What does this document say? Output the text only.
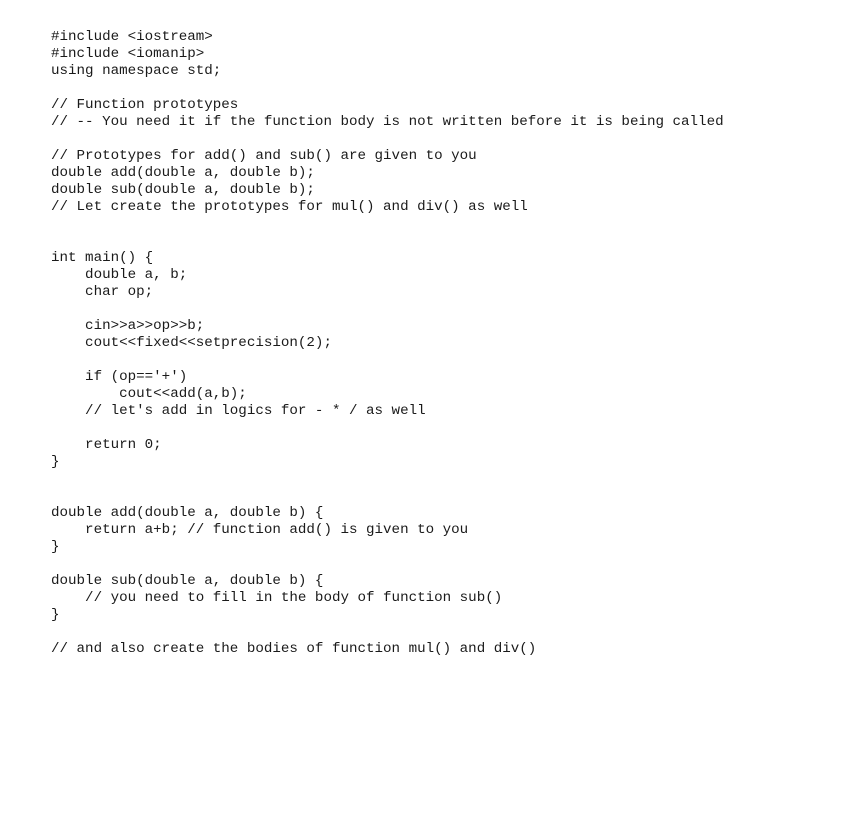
#include <iostream>
#include <iomanip>
using namespace std;
// Function prototypes
// -- You need it if the function body is not written before it is being called
// Prototypes for add() and sub() are given to you
double add(double a, double b);
double sub(double a, double b);
// Let create the prototypes for mul() and div() as well
int main() {
double a, b;
char op;
cin>>a>>op>>b;
cout<<fixed<<setprecision(2);
if (op=='+')
cout<<add(a,b);
// let's add in logics for - * / as well
return 0;
}
double add(double a, double b) {
return a+b; // function add() is given to you
}
double sub(double a, double b) {
// you need to fill in the body of function sub()
}
// and also create the bodies of function mul() and div()
